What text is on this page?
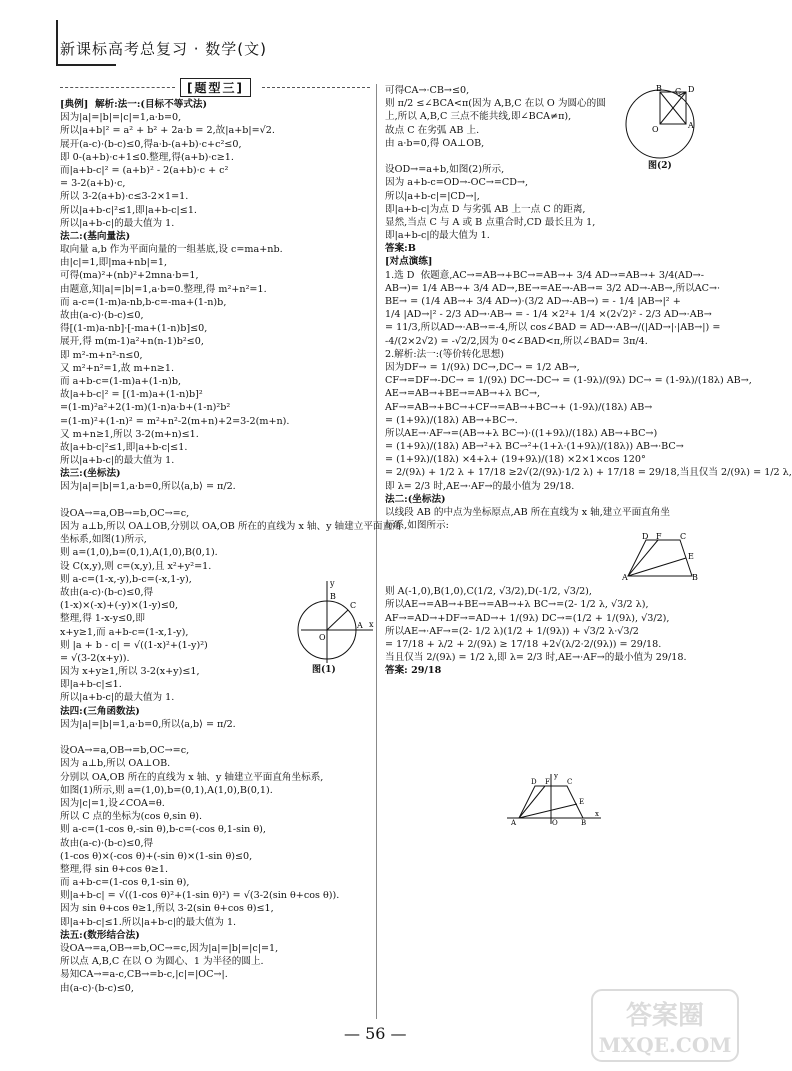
新课标高考总复习 · 数学(文)
[题型三]
[典例]  解析:法一:(目标不等式法)
因为|a|=|b|=|c|=1,a·b=0,
所以|a+b|² = a² + b² + 2a·b = 2,故|a+b|=√2.
展开(a-c)·(b-c)≤0,得a·b-(a+b)·c+c²≤0,
即 0-(a+b)·c+1≤0.整理,得(a+b)·c≥1.
而|a+b-c|² = (a+b)² - 2(a+b)·c + c²
= 3-2(a+b)·c,
所以 3-2(a+b)·c≤3-2×1=1.
所以|a+b-c|²≤1,即|a+b-c|≤1.
所以|a+b-c|的最大值为 1.
法二:(基向量法)
取向量 a,b 作为平面向量的一组基底,设 c=ma+nb.
由|c|=1,即|ma+nb|=1,
可得(ma)²+(nb)²+2mna·b=1,
由题意,知|a|=|b|=1,a·b=0.整理,得 m²+n²=1.
而 a-c=(1-m)a-nb,b-c=-ma+(1-n)b,
故由(a-c)·(b-c)≤0,
得[(1-m)a-nb]·[-ma+(1-n)b]≤0,
展开,得 m(m-1)a²+n(n-1)b²≤0,
即 m²-m+n²-n≤0,
又 m²+n²=1,故 m+n≥1.
而 a+b-c=(1-m)a+(1-n)b,
故|a+b-c|² = [(1-m)a+(1-n)b]²
=(1-m)²a²+2(1-m)(1-n)a·b+(1-n)²b²
=(1-m)²+(1-n)² = m²+n²-2(m+n)+2=3-2(m+n).
又 m+n≥1,所以 3-2(m+n)≤1.
故|a+b-c|²≤1,即|a+b-c|≤1.
所以|a+b-c|的最大值为 1.
法三:(坐标法)
因为|a|=|b|=1,a·b=0,所以⟨a,b⟩ = π/2.
设OA→=a,OB→=b,OC→=c,
因为 a⊥b,所以 OA⊥OB,分别以 OA,OB 所在的直线为 x 轴、y 轴建立平面直角
坐标系,如图(1)所示,
则 a=(1,0),b=(0,1),A(1,0),B(0,1).
设 C(x,y),则 c=(x,y),且 x²+y²=1.
则 a-c=(1-x,-y),b-c=(-x,1-y),
故由(a-c)·(b-c)≤0,得
(1-x)×(-x)+(-y)×(1-y)≤0,
整理,得 1-x-y≤0,即
x+y≥1,而 a+b-c=(1-x,1-y),
则 |a + b - c| = √((1-x)²+(1-y)²)
= √(3-2(x+y)).
因为 x+y≥1,所以 3-2(x+y)≤1,
即|a+b-c|≤1.
所以|a+b-c|的最大值为 1.
法四:(三角函数法)
因为|a|=|b|=1,a·b=0,所以⟨a,b⟩ = π/2.
设OA→=a,OB→=b,OC→=c,
因为 a⊥b,所以 OA⊥OB.
分别以 OA,OB 所在的直线为 x 轴、y 轴建立平面直角坐标系,
如图(1)所示,则 a=(1,0),b=(0,1),A(1,0),B(0,1).
因为|c|=1,设∠COA=θ.
所以 C 点的坐标为(cos θ,sin θ).
则 a-c=(1-cos θ,-sin θ),b-c=(-cos θ,1-sin θ),
故由(a-c)·(b-c)≤0,得
(1-cos θ)×(-cos θ)+(-sin θ)×(1-sin θ)≤0,
整理,得 sin θ+cos θ≥1.
而 a+b-c=(1-cos θ,1-sin θ),
则|a+b-c| = √((1-cos θ)²+(1-sin θ)²) = √(3-2(sin θ+cos θ)).
因为 sin θ+cos θ≥1,所以 3-2(sin θ+cos θ)≤1,
即|a+b-c|≤1.所以|a+b-c|的最大值为 1.
法五:(数形结合法)
设OA→=a,OB→=b,OC→=c,因为|a|=|b|=|c|=1,
所以点 A,B,C 在以 O 为圆心、1 为半径的圆上.
易知CA→=a-c,CB→=b-c,|c|=|OC→|.
由(a-c)·(b-c)≤0,
可得CA→·CB→≤0,
则 π/2 ≤∠BCA<π(因为 A,B,C 在以 O 为圆心的圆
上,所以 A,B,C 三点不能共线,即∠BCA≠π),
故点 C 在劣弧 AB 上.
由 a·b=0,得 OA⊥OB,
设OD→=a+b,如图(2)所示,
因为 a+b-c=OD→-OC→=CD→,
所以|a+b-c|=|CD→|,
即|a+b-c|为点 D 与劣弧 AB 上一点 C 的距离,
显然,当点 C 与 A 或 B 点重合时,CD 最长且为 1,
即|a+b-c|的最大值为 1.
答案:B
[对点演练]
1.选 D  依题意,AC→=AB→+BC→=AB→+ 3/4 AD→=AB→+ 3/4(AD→-
AB→)= 1/4 AB→+ 3/4 AD→,BE→=AE→-AB→= 3/2 AD→-AB→,所以AC→·
BE→ = (1/4 AB→+ 3/4 AD→)·(3/2 AD→-AB→) = - 1/4 |AB→|² +
1/4 |AD→|² - 2/3 AD→·AB→ = - 1/4 ×2²+ 1/4 ×(2√2)² - 2/3 AD→·AB→
= 11/3,所以AD→·AB→=-4,所以 cos∠BAD = AD→·AB→/(|AD→|·|AB→|) =
-4/(2×2√2) = -√2/2,因为 0<∠BAD<π,所以∠BAD= 3π/4.
2.解析:法一:(等价转化思想)
因为DF→ = 1/(9λ) DC→,DC→ = 1/2 AB→,
CF→=DF→-DC→ = 1/(9λ) DC→-DC→ = (1-9λ)/(9λ) DC→ = (1-9λ)/(18λ) AB→,
AE→=AB→+BE→=AB→+λ BC→,
AF→=AB→+BC→+CF→=AB→+BC→+ (1-9λ)/(18λ) AB→
= (1+9λ)/(18λ) AB→+BC→.
所以AE→·AF→=(AB→+λ BC→)·((1+9λ)/(18λ) AB→+BC→)
= (1+9λ)/(18λ) AB→²+λ BC→²+(1+λ·(1+9λ)/(18λ)) AB→·BC→
= (1+9λ)/(18λ) ×4+λ+ (19+9λ)/(18) ×2×1×cos 120°
= 2/(9λ) + 1/2 λ + 17/18 ≥2√(2/(9λ)·1/2 λ) + 17/18 = 29/18,当且仅当 2/(9λ) = 1/2 λ,
即 λ= 2/3 时,AE→·AF→的最小值为 29/18.
法二:(坐标法)
以线段 AB 的中点为坐标原点,AB 所在直线为 x 轴,建立平面直角坐
标系,如图所示:
则 A(-1,0),B(1,0),C(1/2, √3/2),D(-1/2, √3/2),
所以AE→=AB→+BE→=AB→+λ BC→=(2- 1/2 λ, √3/2 λ),
AF→=AD→+DF→=AD→+ 1/(9λ) DC→=(1/2 + 1/(9λ), √3/2),
所以AE→·AF→=(2- 1/2 λ)(1/2 + 1/(9λ)) + √3/2 λ·√3/2
= 17/18 + λ/2 + 2/(9λ) ≥ 17/18 +2√(λ/2·2/(9λ)) = 29/18.
当且仅当 2/(9λ) = 1/2 λ,即 λ= 2/3 时,AE→·AF→的最小值为 29/18.
答案: 29/18
x
y
O
C
A
B
图(1)
O	A
B C D
图(2)
A	B
C
D
E
F
A	B
C
D F
E
x
y
O
— 56 —
答案圈
MXQE.COM
